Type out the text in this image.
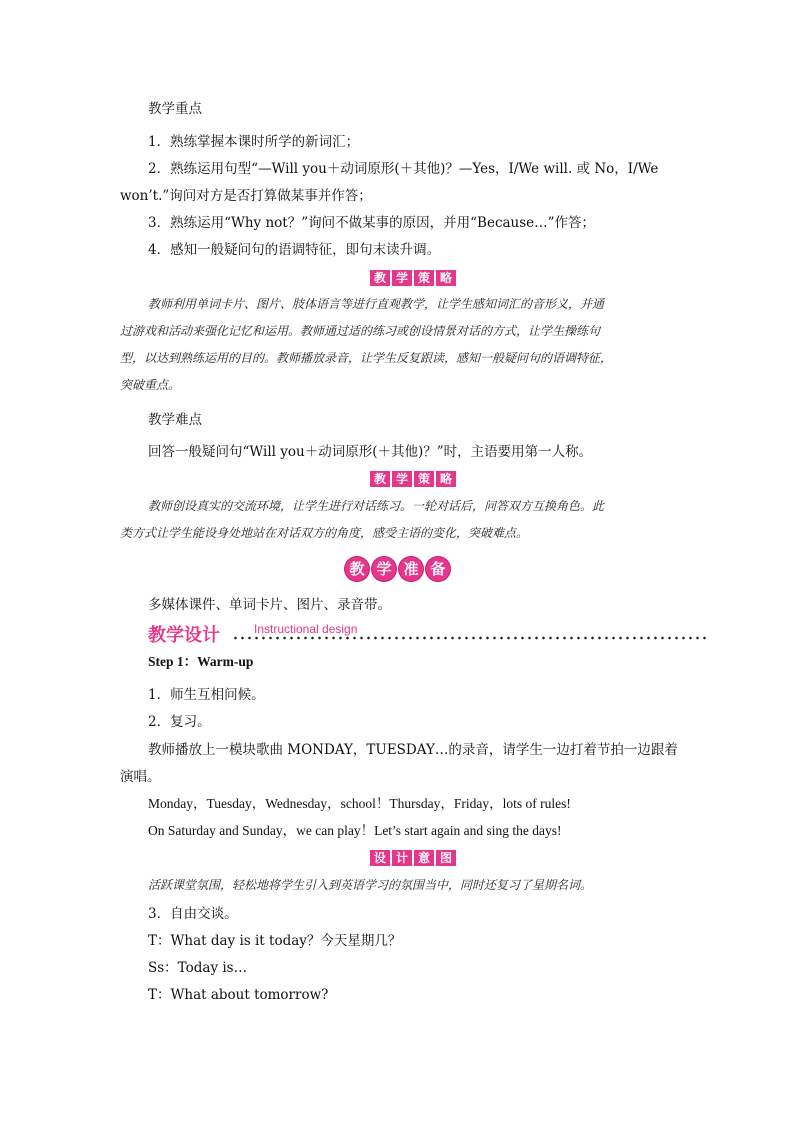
教学重点
1．熟练掌握本课时所学的新词汇；
2．熟练运用句型“—Will you＋动词原形(＋其他)？—Yes，I/We will. 或 No，I/We
won’t.”询问对方是否打算做某事并作答；
3．熟练运用“Why not？”询问不做某事的原因，并用“Because…”作答；
4．感知一般疑问句的语调特征，即句末读升调。
教 学 策 略
教师利用单词卡片、图片、肢体语言等进行直观教学，让学生感知词汇的音形义，并通
过游戏和活动来强化记忆和运用。教师通过适的练习或创设情景对话的方式，让学生操练句
型，以达到熟练运用的目的。教师播放录音，让学生反复跟读，感知一般疑问句的语调特征，
突破重点。
教学难点
回答一般疑问句“Will you＋动词原形(＋其他)？”时，主语要用第一人称。
教 学 策 略
教师创设真实的交流环境，让学生进行对话练习。一轮对话后，问答双方互换角色。此
类方式让学生能设身处地站在对话双方的角度，感受主语的变化，突破难点。
教 学 准 备
多媒体课件、单词卡片、图片、录音带。
教学设计	Instructional design
Step 1：Warm-up
1．师生互相问候。
2．复习。
教师播放上一模块歌曲 MONDAY，TUESDAY…的录音，请学生一边打着节拍一边跟着
演唱。
Monday，Tuesday，Wednesday，school！Thursday，Friday，lots of rules!
On Saturday and Sunday，we can play！Let’s start again and sing the days!
设 计 意 图
活跃课堂氛围，轻松地将学生引入到英语学习的氛围当中，同时还复习了星期名词。
3．自由交谈。
T：What day is it today？今天星期几？
Ss：Today is…
T：What about tomorrow?
